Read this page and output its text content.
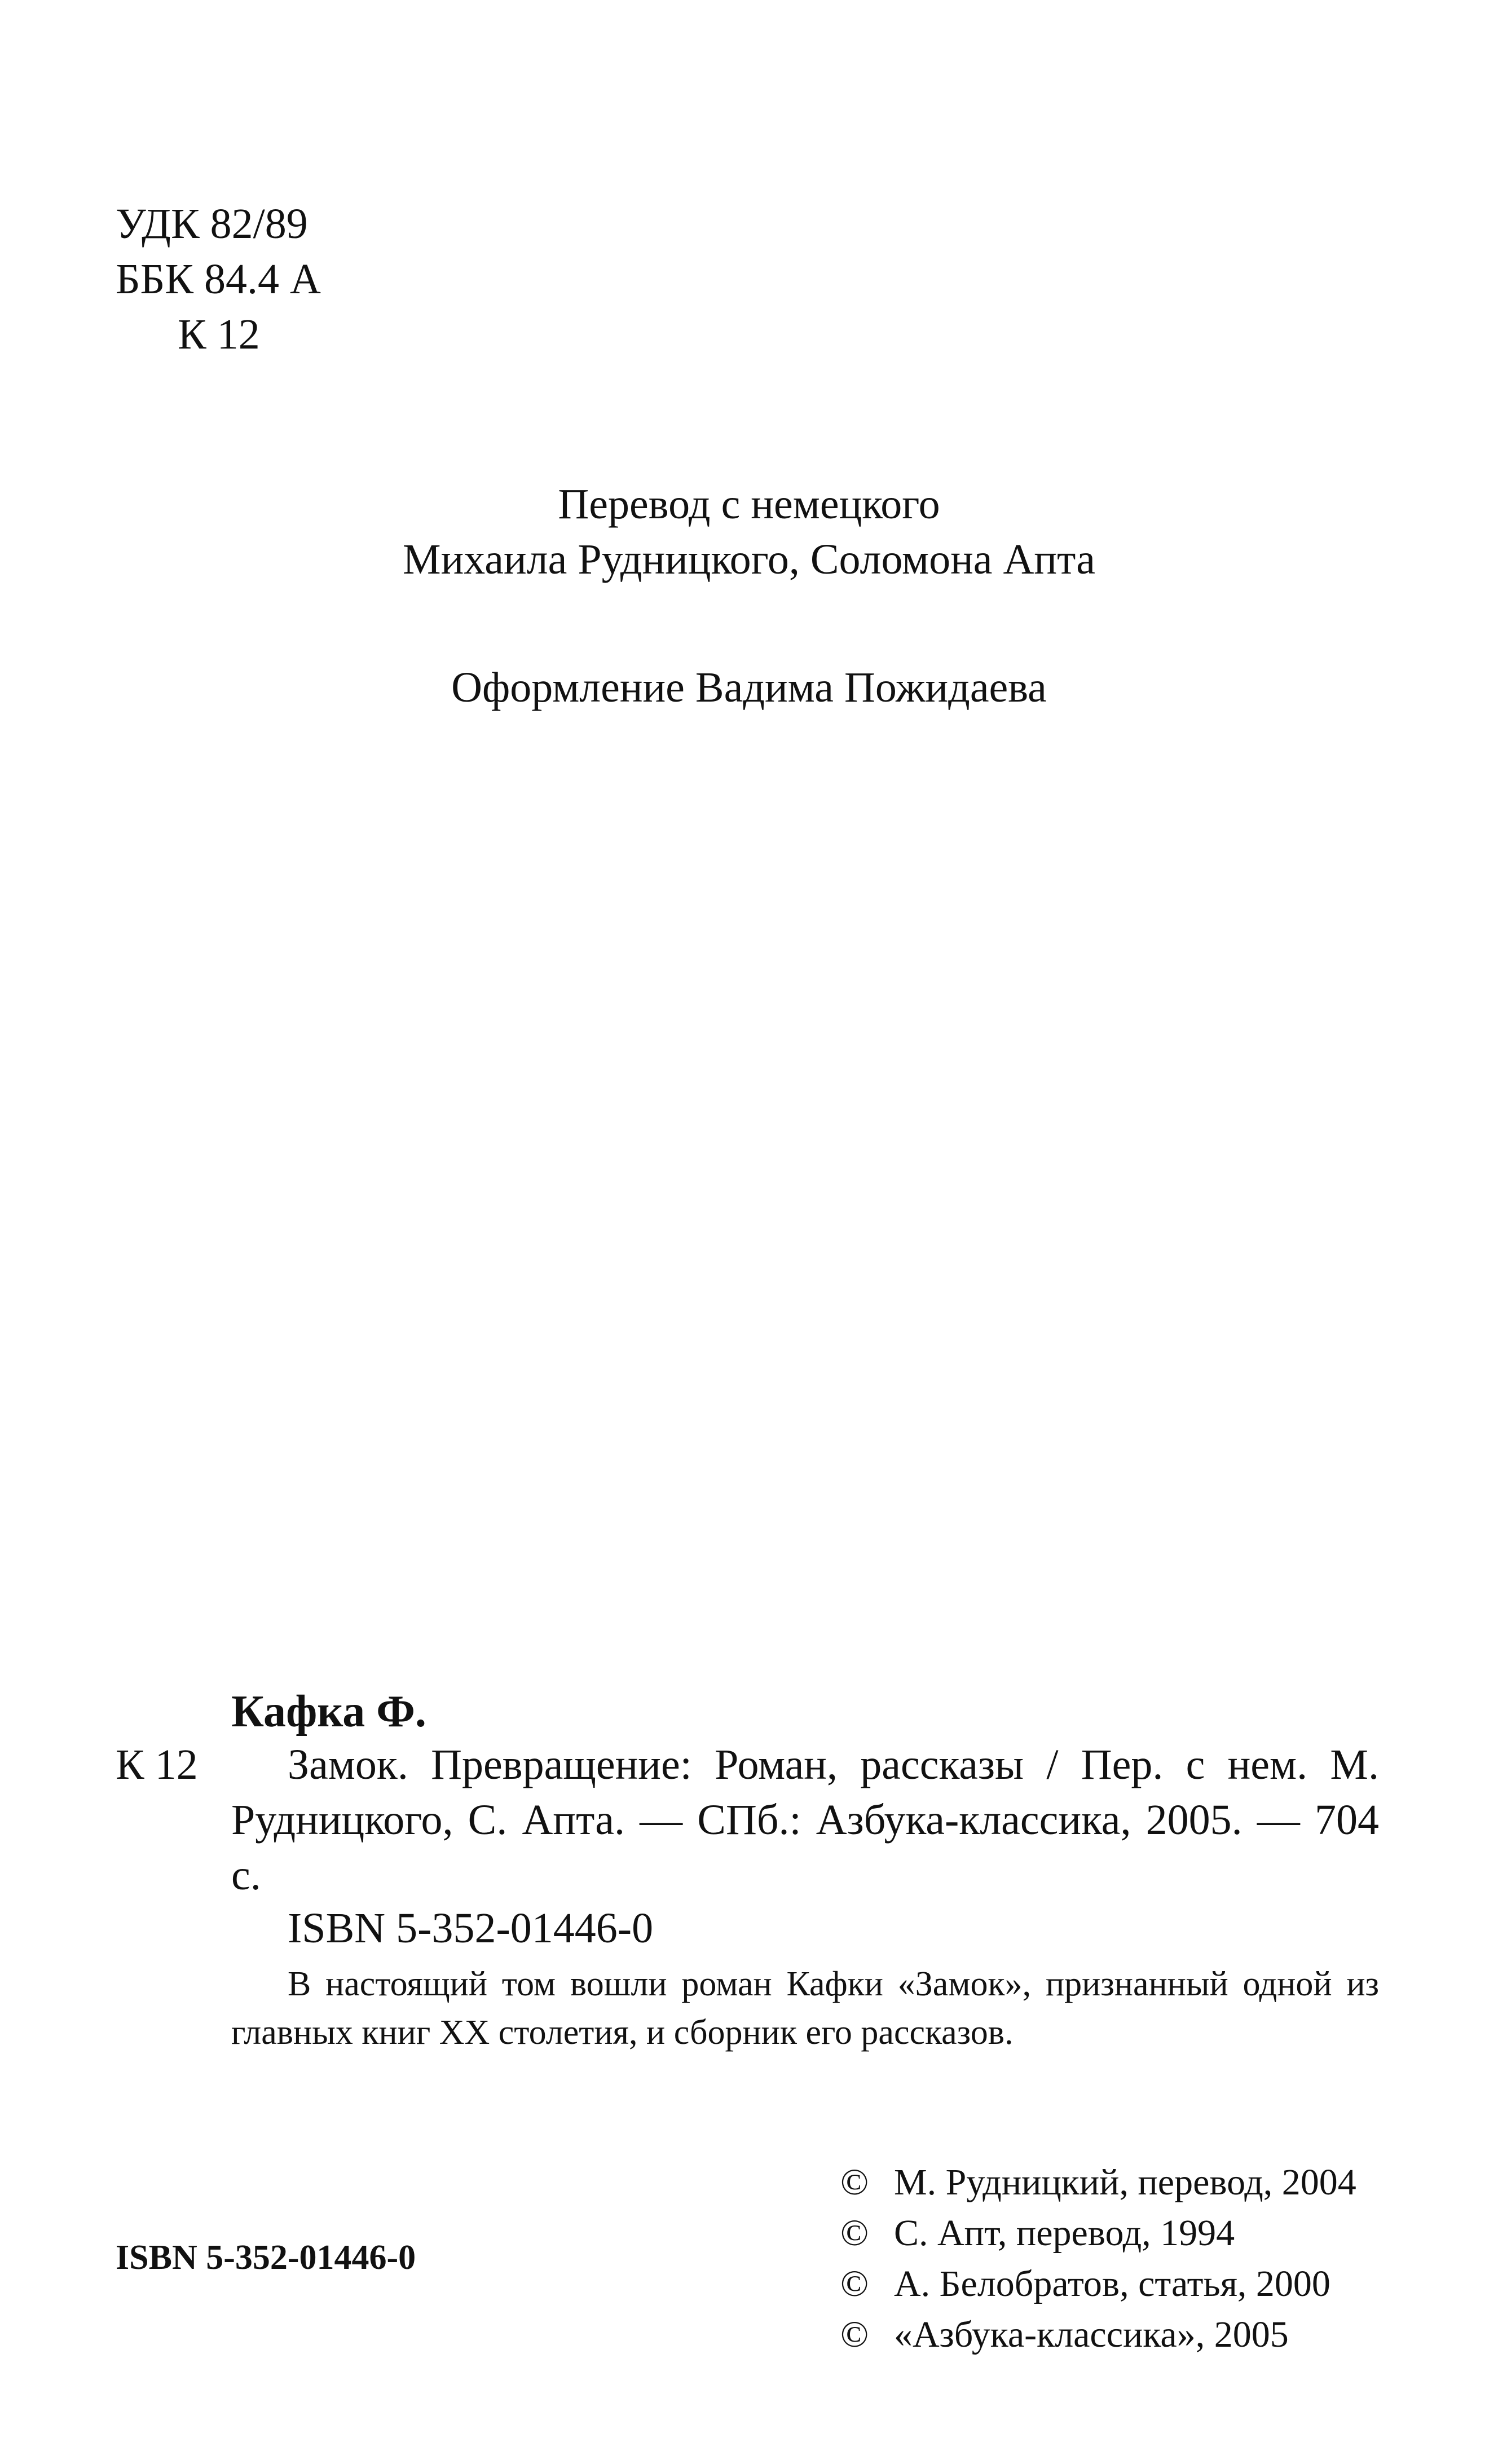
УДК 82/89
ББК 84.4 А
К 12
Перевод с немецкого
Михаила Рудницкого, Соломона Апта
Оформление Вадима Пожидаева
Кафка Ф.
К 12	Замок. Превращение: Роман, рассказы / Пер. с нем. М. Рудницкого, С. Апта. — СПб.: Азбука-классика, 2005. — 704 с.
ISBN 5-352-01446-0
В настоящий том вошли роман Кафки «Замок», признанный одной из главных книг XX столетия, и сборник его рассказов.
ISBN 5-352-01446-0
© М. Рудницкий, перевод, 2004
© С. Апт, перевод, 1994
© А. Белобратов, статья, 2000
© «Азбука-классика», 2005
